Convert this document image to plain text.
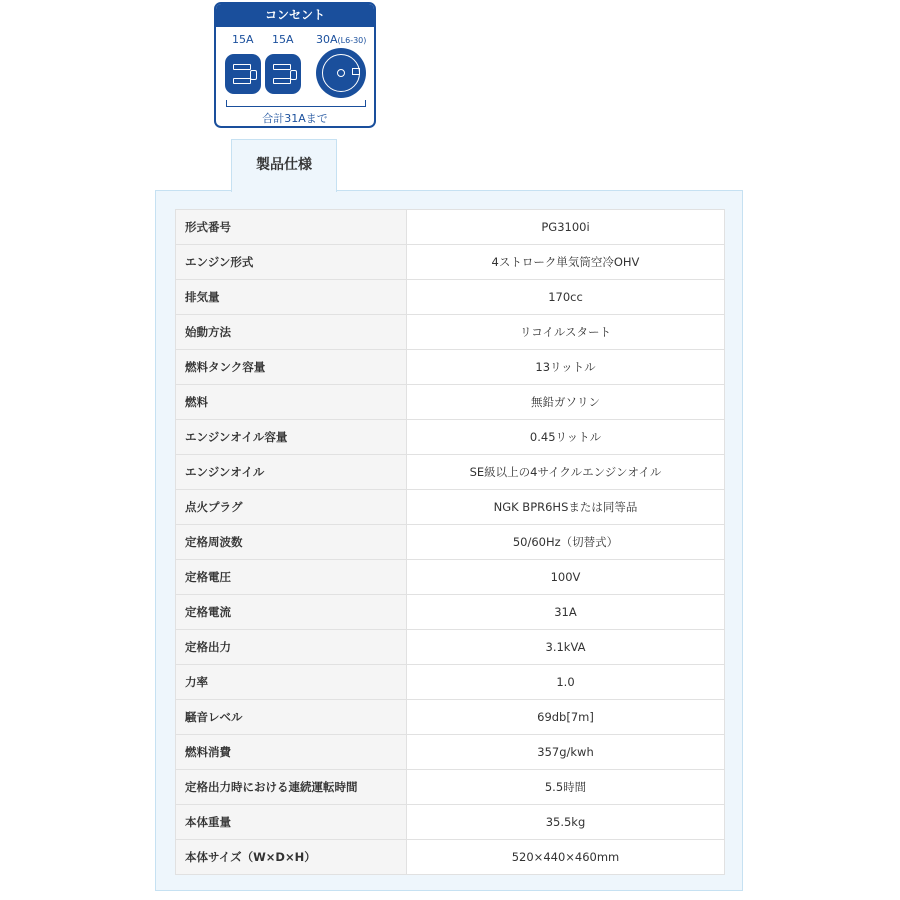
コンセント
15A 15A 30A(L6-30)
合計31Aまで
製品仕様
形式番号	PG3100i
エンジン形式	4ストローク単気筒空冷OHV
排気量	170cc
始動方法	リコイルスタート
燃料タンク容量	13リットル
燃料	無鉛ガソリン
エンジンオイル容量	0.45リットル
エンジンオイル	SE級以上の4サイクルエンジンオイル
点火プラグ	NGK BPR6HSまたは同等品
定格周波数	50/60Hz（切替式）
定格電圧	100V
定格電流	31A
定格出力	3.1kVA
力率	1.0
騒音レベル	69db[7m]
燃料消費	357g/kwh
定格出力時における連続運転時間	5.5時間
本体重量	35.5kg
本体サイズ（W×D×H）	520×440×460mm
